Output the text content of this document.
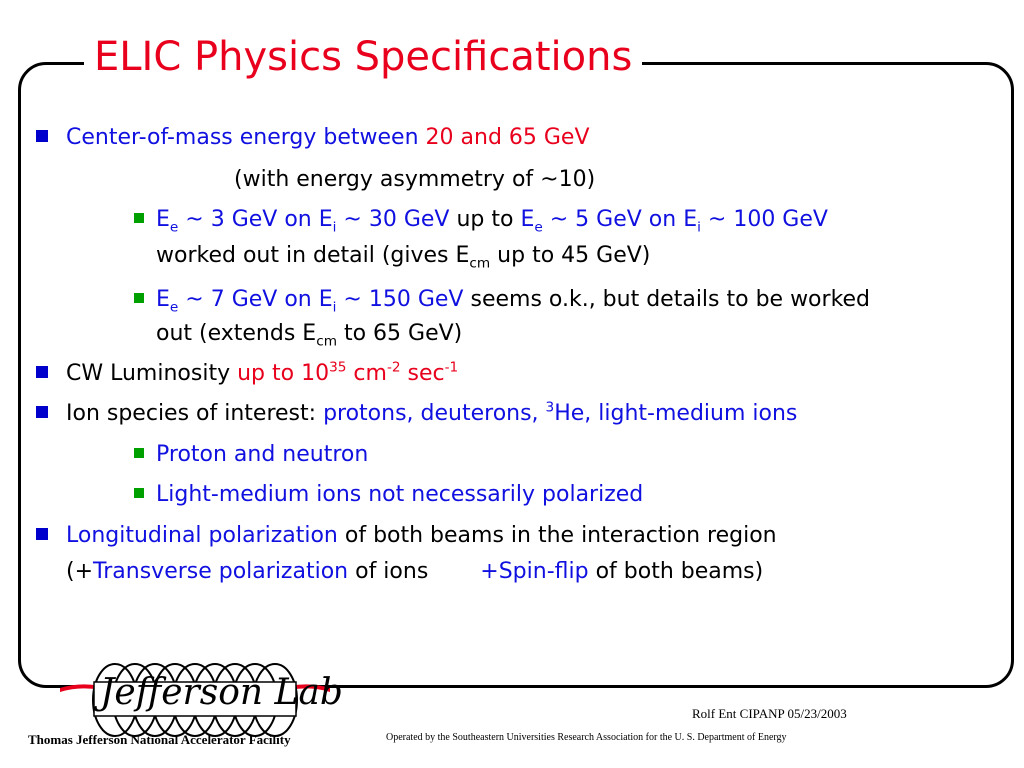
ELIC Physics Specifications
Center-of-mass energy between 20 and 65 GeV
(with energy asymmetry of ~10)
$E_e$ ~ 3 GeV on $E_i$ ~ 30 GeV up to $E_e$ ~ 5 GeV on $E_i$ ~ 100 GeV
worked out in detail (gives $E_{cm}$ up to 45 GeV)
$E_e$ ~ 7 GeV on $E_i$ ~ 150 GeV seems o.k., but details to be worked
out (extends $E_{cm}$ to 65 GeV)
CW Luminosity up to $10^{35}$ $cm^{-2}$ $\sec^{-1}$
Ion species of interest: protons, deuterons, $^3$He, light-medium ions
Proton and neutron
Light-medium ions not necessarily polarized
Longitudinal polarization of both beams in the interaction region
(+Transverse polarization of ions +Spin-flip of both beams)
Jefferson Lab
Thomas Jefferson National Accelerator Facility
Rolf Ent CIPANP 05/23/2003
Operated by the Southeastern Universities Research Association for the U. S. Department of Energy
